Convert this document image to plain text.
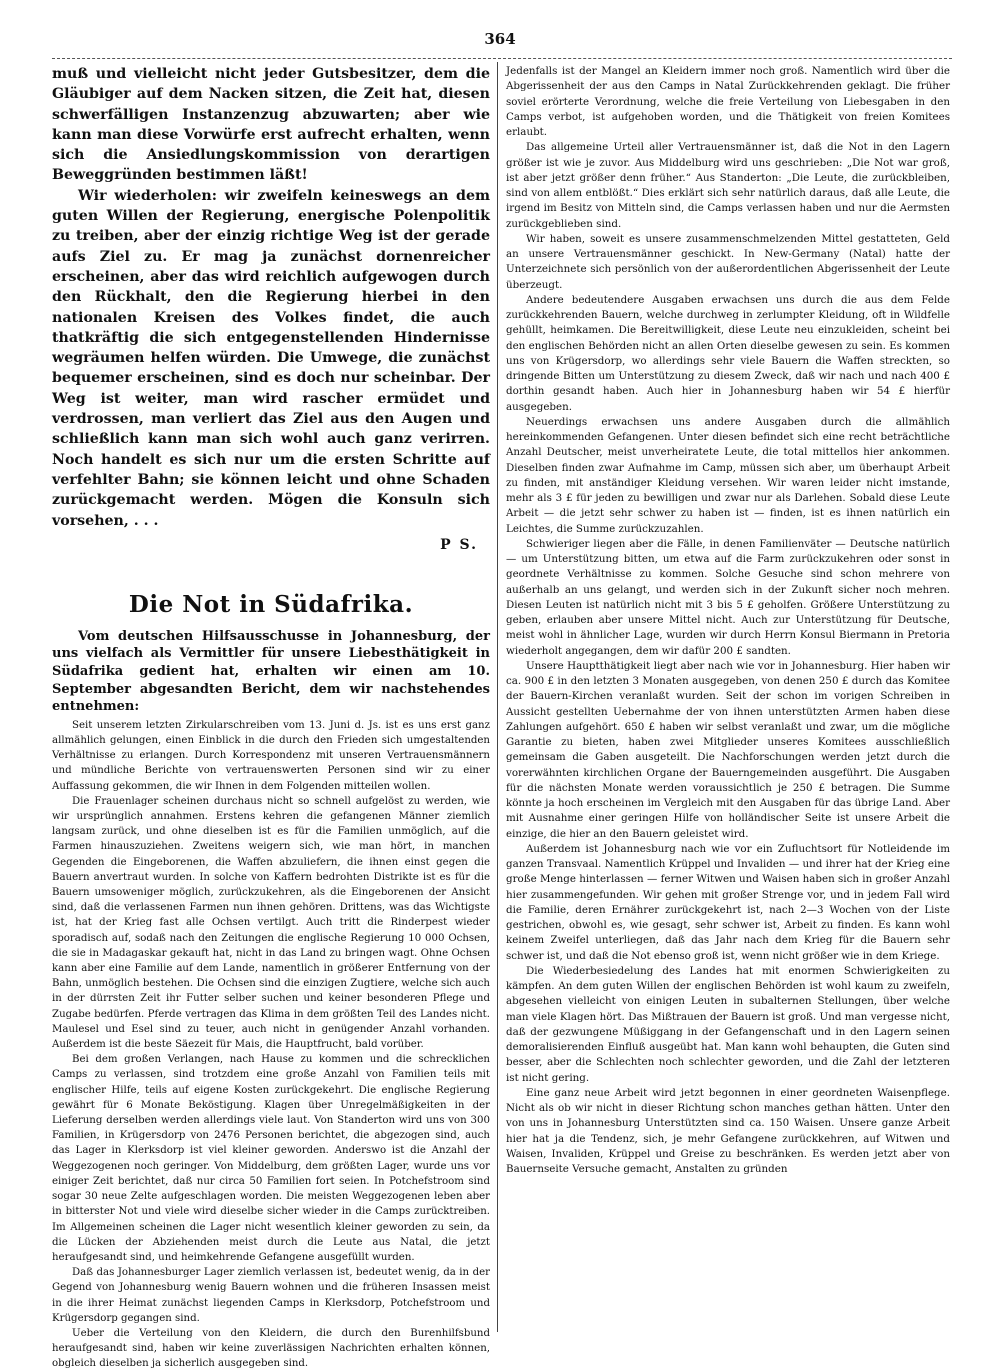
364

muß und vielleicht nicht jeder Gutsbesitzer, dem die Gläubiger auf dem Nacken sitzen, die Zeit hat, diesen schwerfälligen Instanzenzug abzuwarten; aber wie kann man diese Vorwürfe erst aufrecht erhalten, wenn sich die Ansiedlungskommission von derartigen Beweggründen bestimmen läßt!

Wir wiederholen: wir zweifeln keineswegs an dem guten Willen der Regierung, energische Polenpolitik zu treiben, aber der einzig richtige Weg ist der gerade aufs Ziel zu. Er mag ja zunächst dornenreicher erscheinen, aber das wird reichlich aufgewogen durch den Rückhalt, den die Regierung hierbei in den nationalen Kreisen des Volkes findet, die auch thatkräftig die sich entgegenstellenden Hindernisse wegräumen helfen würden. Die Umwege, die zunächst bequemer erscheinen, sind es doch nur scheinbar. Der Weg ist weiter, man wird rascher ermüdet und verdrossen, man verliert das Ziel aus den Augen und schließlich kann man sich wohl auch ganz verirren. Noch handelt es sich nur um die ersten Schritte auf verfehlter Bahn; sie können leicht und ohne Schaden zurückgemacht werden. Mögen die Konsuln sich vorsehen, . . .

P S.
Die Not in Südafrika.

Vom deutschen Hilfsausschusse in Johannesburg, der uns vielfach als Vermittler für unsere Liebesthätigkeit in Südafrika gedient hat, erhalten wir einen am 10. September abgesandten Bericht, dem wir nachstehendes entnehmen:

Seit unserem letzten Zirkularschreiben vom 13. Juni d. Js. ist es uns erst ganz allmählich gelungen, einen Einblick in die durch den Frieden sich umgestaltenden Verhältnisse zu erlangen. Durch Korrespondenz mit unseren Vertrauensmännern und mündliche Berichte von vertrauenswerten Personen sind wir zu einer Auffassung gekommen, die wir Ihnen in dem Folgenden mitteilen wollen.

Die Frauenlager scheinen durchaus nicht so schnell aufgelöst zu werden, wie wir ursprünglich annahmen. Erstens kehren die gefangenen Männer ziemlich langsam zurück, und ohne dieselben ist es für die Familien unmöglich, auf die Farmen hinauszuziehen. Zweitens weigern sich, wie man hört, in manchen Gegenden die Eingeborenen, die Waffen abzuliefern, die ihnen einst gegen die Bauern anvertraut wurden. In solche von Kaffern bedrohten Distrikte ist es für die Bauern umsoweniger möglich, zurückzukehren, als die Eingeborenen der Ansicht sind, daß die verlassenen Farmen nun ihnen gehören. Drittens, was das Wichtigste ist, hat der Krieg fast alle Ochsen vertilgt. Auch tritt die Rinderpest wieder sporadisch auf, sodaß nach den Zeitungen die englische Regierung 10 000 Ochsen, die sie in Madagaskar gekauft hat, nicht in das Land zu bringen wagt. Ohne Ochsen kann aber eine Familie auf dem Lande, namentlich in größerer Entfernung von der Bahn, unmöglich bestehen. Die Ochsen sind die einzigen Zugtiere, welche sich auch in der dürrsten Zeit ihr Futter selber suchen und keiner besonderen Pflege und Zugabe bedürfen. Pferde vertragen das Klima in dem größten Teil des Landes nicht. Maulesel und Esel sind zu teuer, auch nicht in genügender Anzahl vorhanden. Außerdem ist die beste Säezeit für Mais, die Hauptfrucht, bald vorüber.

Bei dem großen Verlangen, nach Hause zu kommen und die schrecklichen Camps zu verlassen, sind trotzdem eine große Anzahl von Familien teils mit englischer Hilfe, teils auf eigene Kosten zurückgekehrt. Die englische Regierung gewährt für 6 Monate Beköstigung. Klagen über Unregelmäßigkeiten in der Lieferung derselben werden allerdings viele laut. Von Standerton wird uns von 300 Familien, in Krügersdorp von 2476 Personen berichtet, die abgezogen sind, auch das Lager in Klerksdorp ist viel kleiner geworden. Anderswo ist die Anzahl der Weggezogenen noch geringer. Von Middelburg, dem größten Lager, wurde uns vor einiger Zeit berichtet, daß nur circa 50 Familien fort seien. In Potchefstroom sind sogar 30 neue Zelte aufgeschlagen worden. Die meisten Weggezogenen leben aber in bitterster Not und viele wird dieselbe sicher wieder in die Camps zurücktreiben. Im Allgemeinen scheinen die Lager nicht wesentlich kleiner geworden zu sein, da die Lücken der Abziehenden meist durch die Leute aus Natal, die jetzt heraufgesandt sind, und heimkehrende Gefangene ausgefüllt wurden.

Daß das Johannesburger Lager ziemlich verlassen ist, bedeutet wenig, da in der Gegend von Johannesburg wenig Bauern wohnen und die früheren Insassen meist in die ihrer Heimat zunächst liegenden Camps in Klerksdorp, Potchefstroom und Krügersdorp gegangen sind.

Ueber die Verteilung von den Kleidern, die durch den Burenhilfsbund heraufgesandt sind, haben wir keine zuverlässigen Nachrichten erhalten können, obgleich dieselben ja sicherlich ausgegeben sind.

Jedenfalls ist der Mangel an Kleidern immer noch groß. Namentlich wird über die Abgerissenheit der aus den Camps in Natal Zurückkehrenden geklagt. Die früher soviel erörterte Verordnung, welche die freie Verteilung von Liebesgaben in den Camps verbot, ist aufgehoben worden, und die Thätigkeit von freien Komitees erlaubt.

Das allgemeine Urteil aller Vertrauensmänner ist, daß die Not in den Lagern größer ist wie je zuvor. Aus Middelburg wird uns geschrieben: „Die Not war groß, ist aber jetzt größer denn früher.“ Aus Standerton: „Die Leute, die zurückbleiben, sind von allem entblößt.“ Dies erklärt sich sehr natürlich daraus, daß alle Leute, die irgend im Besitz von Mitteln sind, die Camps verlassen haben und nur die Aermsten zurückgeblieben sind.

Wir haben, soweit es unsere zusammenschmelzenden Mittel gestatteten, Geld an unsere Vertrauensmänner geschickt. In New-Germany (Natal) hatte der Unterzeichnete sich persönlich von der außerordentlichen Abgerissenheit der Leute überzeugt.

Andere bedeutendere Ausgaben erwachsen uns durch die aus dem Felde zurückkehrenden Bauern, welche durchweg in zerlumpter Kleidung, oft in Wildfelle gehüllt, heimkamen. Die Bereitwilligkeit, diese Leute neu einzukleiden, scheint bei den englischen Behörden nicht an allen Orten dieselbe gewesen zu sein. Es kommen uns von Krügersdorp, wo allerdings sehr viele Bauern die Waffen streckten, so dringende Bitten um Unterstützung zu diesem Zweck, daß wir nach und nach 400 £ dorthin gesandt haben. Auch hier in Johannesburg haben wir 54 £ hierfür ausgegeben.

Neuerdings erwachsen uns andere Ausgaben durch die allmählich hereinkommenden Gefangenen. Unter diesen befindet sich eine recht beträchtliche Anzahl Deutscher, meist unverheiratete Leute, die total mittellos hier ankommen. Dieselben finden zwar Aufnahme im Camp, müssen sich aber, um überhaupt Arbeit zu finden, mit anständiger Kleidung versehen. Wir waren leider nicht imstande, mehr als 3 £ für jeden zu bewilligen und zwar nur als Darlehen. Sobald diese Leute Arbeit — die jetzt sehr schwer zu haben ist — finden, ist es ihnen natürlich ein Leichtes, die Summe zurückzuzahlen.

Schwieriger liegen aber die Fälle, in denen Familienväter — Deutsche natürlich — um Unterstützung bitten, um etwa auf die Farm zurückzukehren oder sonst in geordnete Verhältnisse zu kommen. Solche Gesuche sind schon mehrere von außerhalb an uns gelangt, und werden sich in der Zukunft sicher noch mehren. Diesen Leuten ist natürlich nicht mit 3 bis 5 £ geholfen. Größere Unterstützung zu geben, erlauben aber unsere Mittel nicht. Auch zur Unterstützung für Deutsche, meist wohl in ähnlicher Lage, wurden wir durch Herrn Konsul Biermann in Pretoria wiederholt angegangen, dem wir dafür 200 £ sandten.

Unsere Hauptthätigkeit liegt aber nach wie vor in Johannesburg. Hier haben wir ca. 900 £ in den letzten 3 Monaten ausgegeben, von denen 250 £ durch das Komitee der Bauern-Kirchen veranlaßt wurden. Seit der schon im vorigen Schreiben in Aussicht gestellten Uebernahme der von ihnen unterstützten Armen haben diese Zahlungen aufgehört. 650 £ haben wir selbst veranlaßt und zwar, um die mögliche Garantie zu bieten, haben zwei Mitglieder unseres Komitees ausschließlich gemeinsam die Gaben ausgeteilt. Die Nachforschungen werden jetzt durch die vorerwähnten kirchlichen Organe der Bauerngemeinden ausgeführt. Die Ausgaben für die nächsten Monate werden voraussichtlich je 250 £ betragen. Die Summe könnte ja hoch erscheinen im Vergleich mit den Ausgaben für das übrige Land. Aber mit Ausnahme einer geringen Hilfe von holländischer Seite ist unsere Arbeit die einzige, die hier an den Bauern geleistet wird.

Außerdem ist Johannesburg nach wie vor ein Zufluchtsort für Notleidende im ganzen Transvaal. Namentlich Krüppel und Invaliden — und ihrer hat der Krieg eine große Menge hinterlassen — ferner Witwen und Waisen haben sich in großer Anzahl hier zusammengefunden. Wir gehen mit großer Strenge vor, und in jedem Fall wird die Familie, deren Ernährer zurückgekehrt ist, nach 2—3 Wochen von der Liste gestrichen, obwohl es, wie gesagt, sehr schwer ist, Arbeit zu finden. Es kann wohl keinem Zweifel unterliegen, daß das Jahr nach dem Krieg für die Bauern sehr schwer ist, und daß die Not ebenso groß ist, wenn nicht größer wie in dem Kriege.

Die Wiederbesiedelung des Landes hat mit enormen Schwierigkeiten zu kämpfen. An dem guten Willen der englischen Behörden ist wohl kaum zu zweifeln, abgesehen vielleicht von einigen Leuten in subalternen Stellungen, über welche man viele Klagen hört. Das Mißtrauen der Bauern ist groß. Und man vergesse nicht, daß der gezwungene Müßiggang in der Gefangenschaft und in den Lagern seinen demoralisierenden Einfluß ausgeübt hat. Man kann wohl behaupten, die Guten sind besser, aber die Schlechten noch schlechter geworden, und die Zahl der letzteren ist nicht gering.

Eine ganz neue Arbeit wird jetzt begonnen in einer geordneten Waisenpflege. Nicht als ob wir nicht in dieser Richtung schon manches gethan hätten. Unter den von uns in Johannesburg Unterstützten sind ca. 150 Waisen. Unsere ganze Arbeit hier hat ja die Tendenz, sich, je mehr Gefangene zurückkehren, auf Witwen und Waisen, Invaliden, Krüppel und Greise zu beschränken. Es werden jetzt aber von Bauernseite Versuche gemacht, Anstalten zu gründen
